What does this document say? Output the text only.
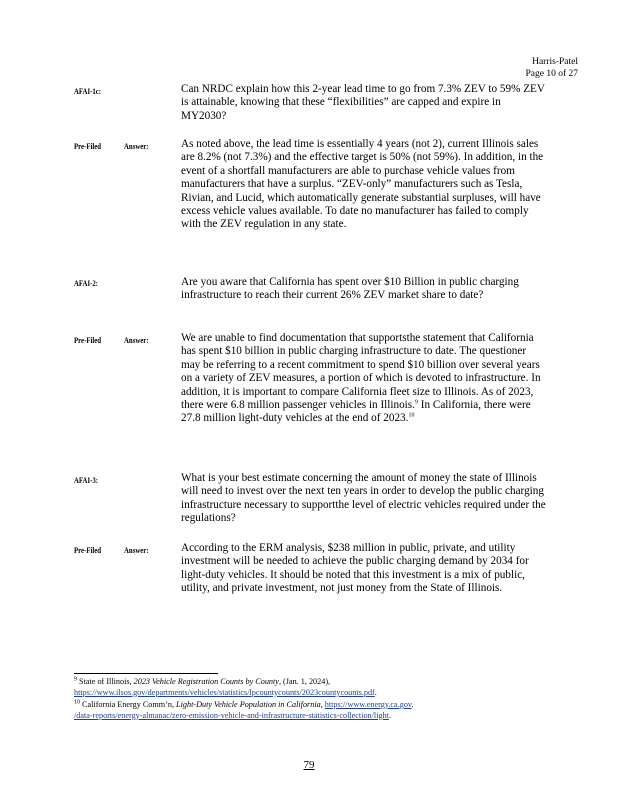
Harris-Patel
Page 10 of 27
AFAI-1c:	Can NRDC explain how this 2-year lead time to go from 7.3% ZEV to 59% ZEV is attainable, knowing that these “flexibilities” are capped and expire in MY2030?

Pre-Filed	Answer:	As noted above, the lead time is essentially 4 years (not 2), current Illinois sales are 8.2% (not 7.3%) and the effective target is 50% (not 59%). In addition, in the event of a shortfall manufacturers are able to purchase vehicle values from manufacturers that have a surplus. “ZEV-only” manufacturers such as Tesla, Rivian, and Lucid, which automatically generate substantial surpluses, will have excess vehicle values available. To date no manufacturer has failed to comply with the ZEV regulation in any state.

AFAI-2:	Are you aware that California has spent over $10 Billion in public charging infrastructure to reach their current 26% ZEV market share to date?

Pre-Filed	Answer:	We are unable to find documentation that supportsthe statement that California has spent $10 billion in public charging infrastructure to date. The questioner may be referring to a recent commitment to spend $10 billion over several years on a variety of ZEV measures, a portion of which is devoted to infrastructure. In addition, it is important to compare California fleet size to Illinois. As of 2023, there were 6.8 million passenger vehicles in Illinois.$^9$ In California, there were 27.8 million light-duty vehicles at the end of 2023.10

AFAI-3:	What is your best estimate concerning the amount of money the state of Illinois will need to invest over the next ten years in order to develop the public charging infrastructure necessary to supportthe level of electric vehicles required under the regulations?

Pre-Filed	Answer:	According to the ERM analysis, $238 million in public, private, and utility investment will be needed to achieve the public charging demand by 2034 for light-duty vehicles. It should be noted that this investment is a mix of public, utility, and private investment, not just money from the State of Illinois.

$^9$ State of Illinois, 2023 Vehicle Registration Counts by County, (Jan. 1, 2024),
https://www.ilsos.gov/departments/vehicles/statistics/lpcountycounts/2023countycounts.pdf.
$^{10}$ California Energy Comm’n, Light-Duty Vehicle Population in California, https://www.energy.ca.gov.
/data-reports/energy-almanac/zero-emission-vehicle-and-infrastructure-statistics-collection/light.
79
